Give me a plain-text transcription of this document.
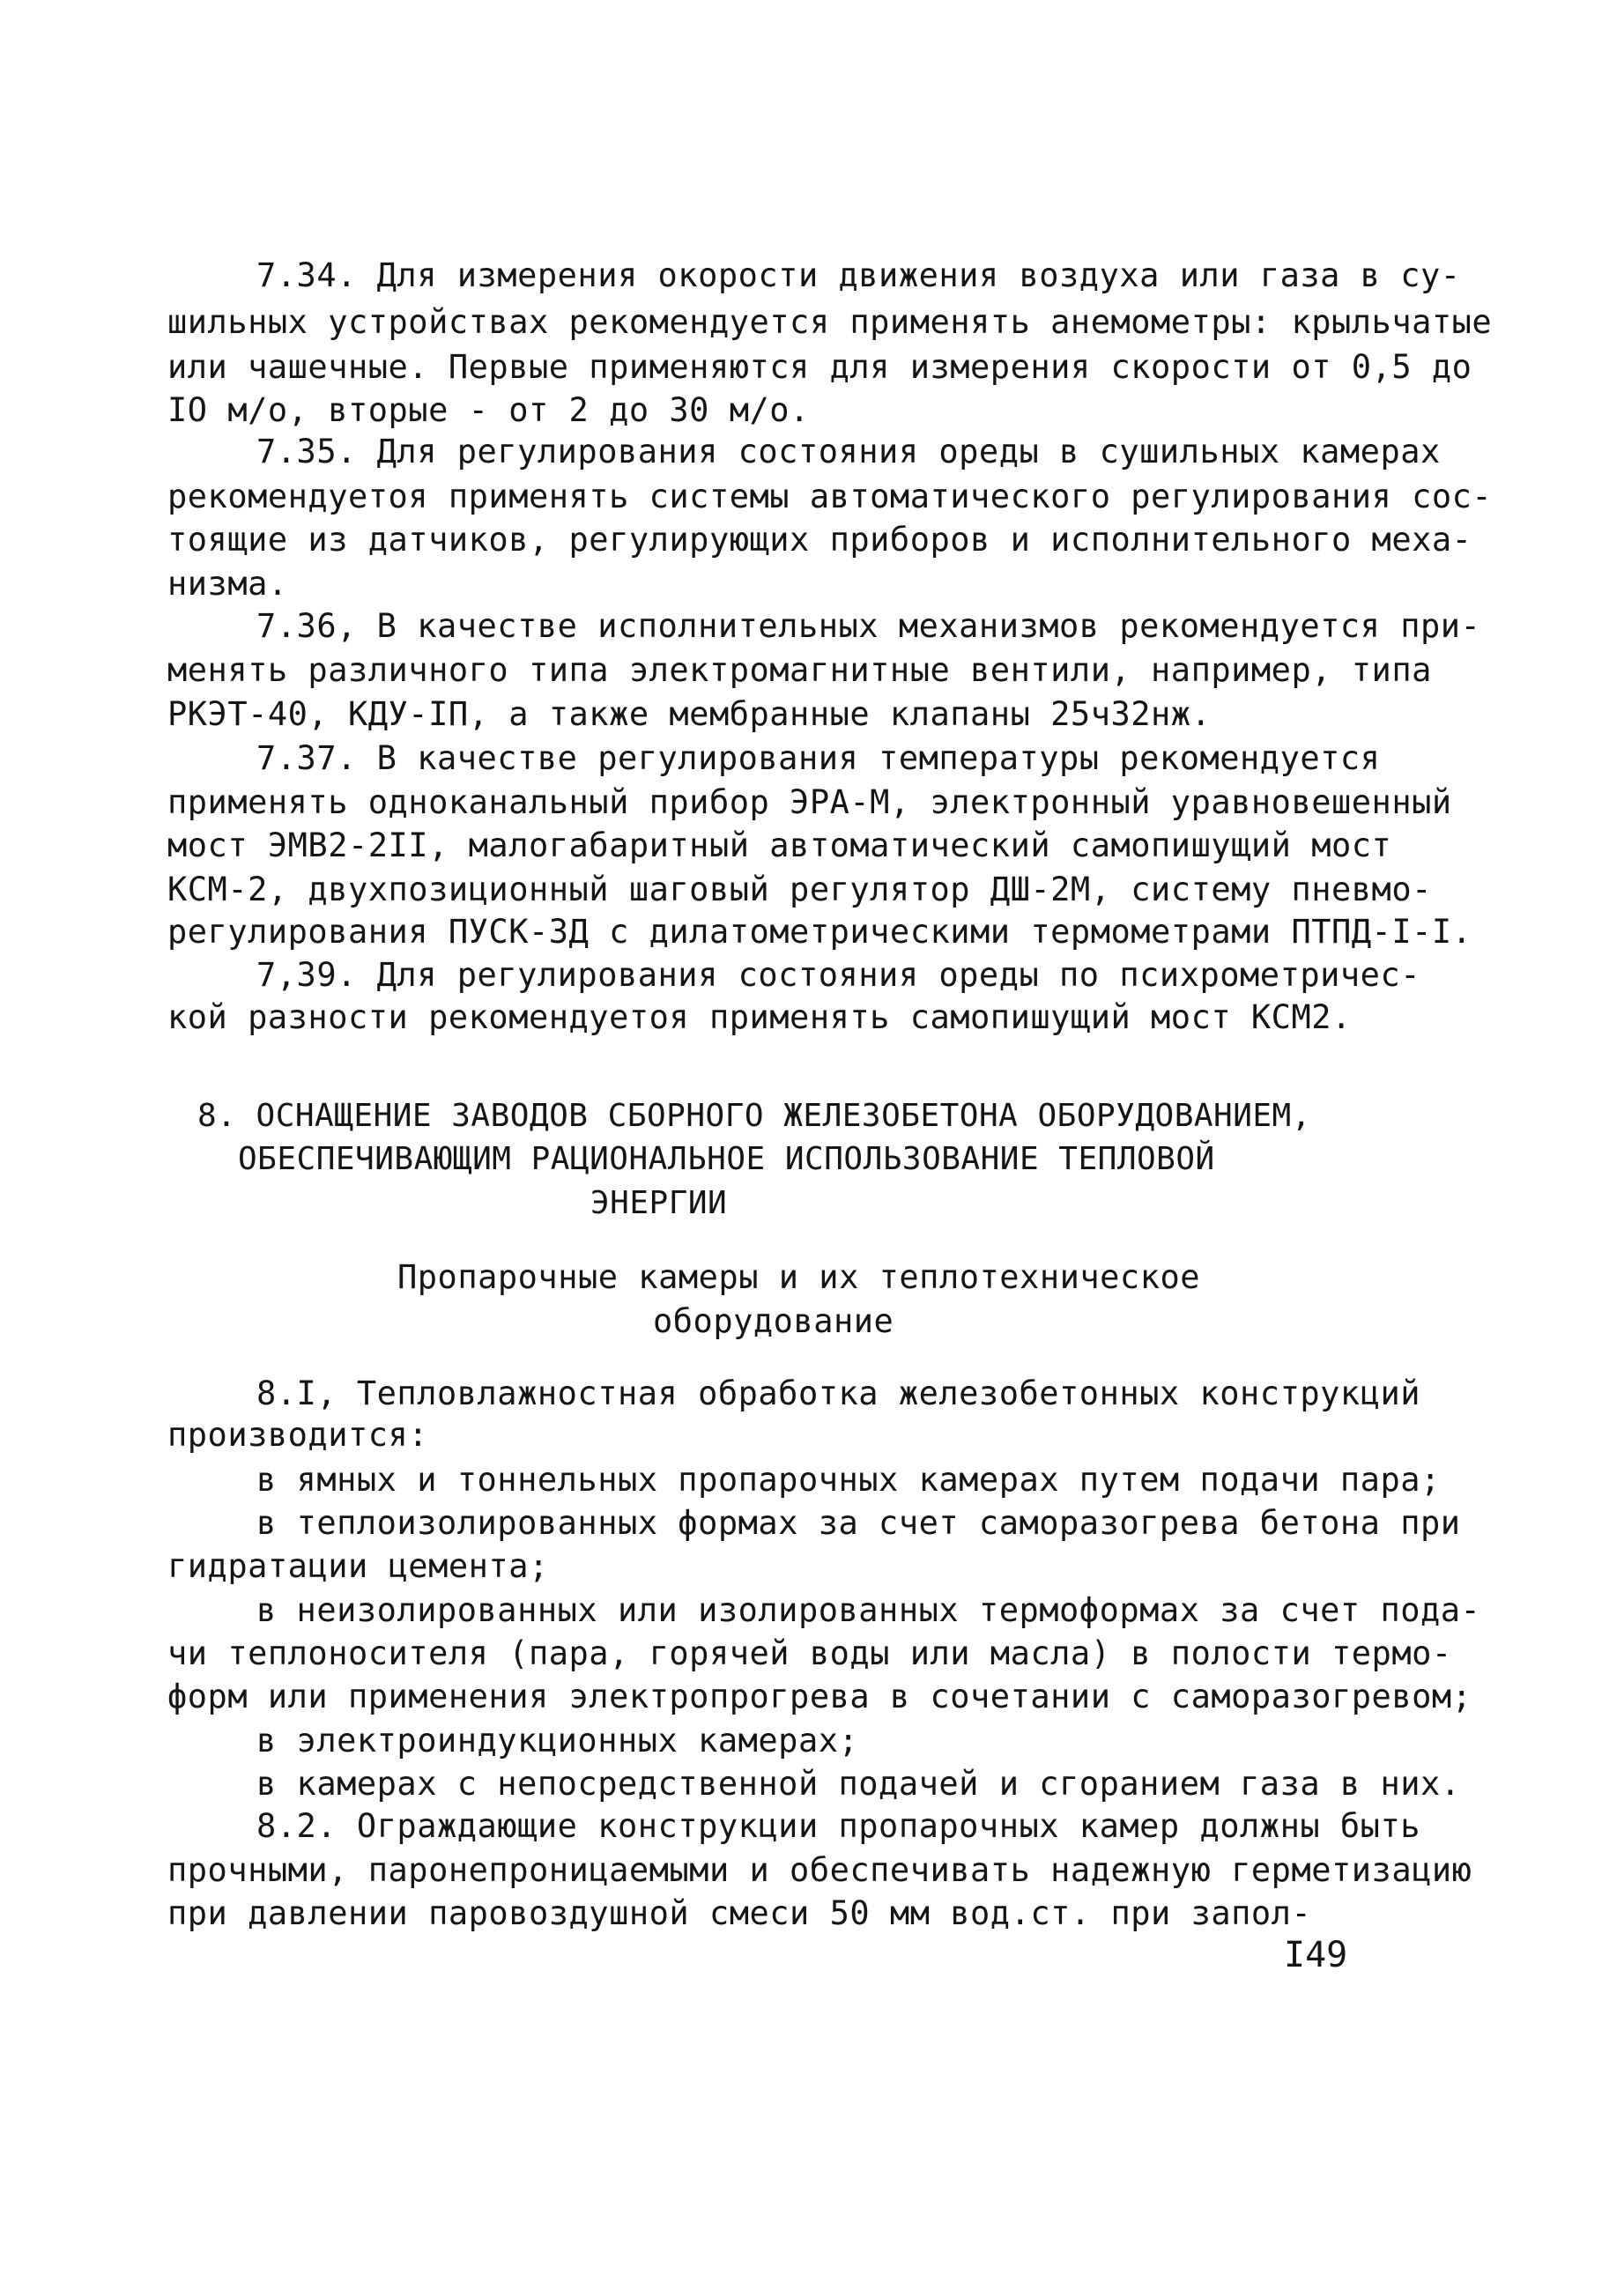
7.34. Для измерения окорости движения воздуха или газа в су-
шильных устройствах рекомендуется применять анемометры: крыльчатые
или чашечные. Первые применяются для измерения скорости от 0,5 до
IO м/о, вторые - от 2 до 30 м/о.
7.35. Для регулирования состояния ореды в сушильных камерах
рекомендуетоя применять системы автоматического регулирования сос-
тоящие из датчиков, регулирующих приборов и исполнительного меха-
низма.
7.36, В качестве исполнительных механизмов рекомендуется при-
менять различного типа электромагнитные вентили, например, типа
РКЭТ-40, КДУ-IП, а также мембранные клапаны 25ч32нж.
7.37. В качестве регулирования температуры рекомендуется
применять одноканальный прибор ЭРА-М, электронный уравновешенный
мост ЭМВ2-2II, малогабаритный автоматический самопишущий мост
КСМ-2, двухпозиционный шаговый регулятор ДШ-2М, систему пневмо-
регулирования ПУСК-3Д с дилатометрическими термометрами ПТПД-I-I.
7,39. Для регулирования состояния ореды по психрометричес-
кой разности рекомендуетоя применять самопишущий мост КСМ2.
8. ОСНАЩЕНИЕ ЗАВОДОВ СБОРНОГО ЖЕЛЕЗОБЕТОНА ОБОРУДОВАНИЕМ,
ОБЕСПЕЧИВАЮЩИМ РАЦИОНАЛЬНОЕ ИСПОЛЬЗОВАНИЕ ТЕПЛОВОЙ
ЭНЕРГИИ
Пропарочные камеры и их теплотехническое
оборудование
8.I, Тепловлажностная обработка железобетонных конструкций
производится:
в ямных и тоннельных пропарочных камерах путем подачи пара;
в теплоизолированных формах за счет саморазогрева бетона при
гидратации цемента;
в неизолированных или изолированных термоформах за счет пода-
чи теплоносителя (пара, горячей воды или масла) в полости термо-
форм или применения электропрогрева в сочетании с саморазогревом;
в электроиндукционных камерах;
в камерах с непосредственной подачей и сгоранием газа в них.
8.2. Ограждающие конструкции пропарочных камер должны быть
прочными, паронепроницаемыми и обеспечивать надежную герметизацию
при давлении паровоздушной смеси 50 мм вод.ст. при запол-
I49
